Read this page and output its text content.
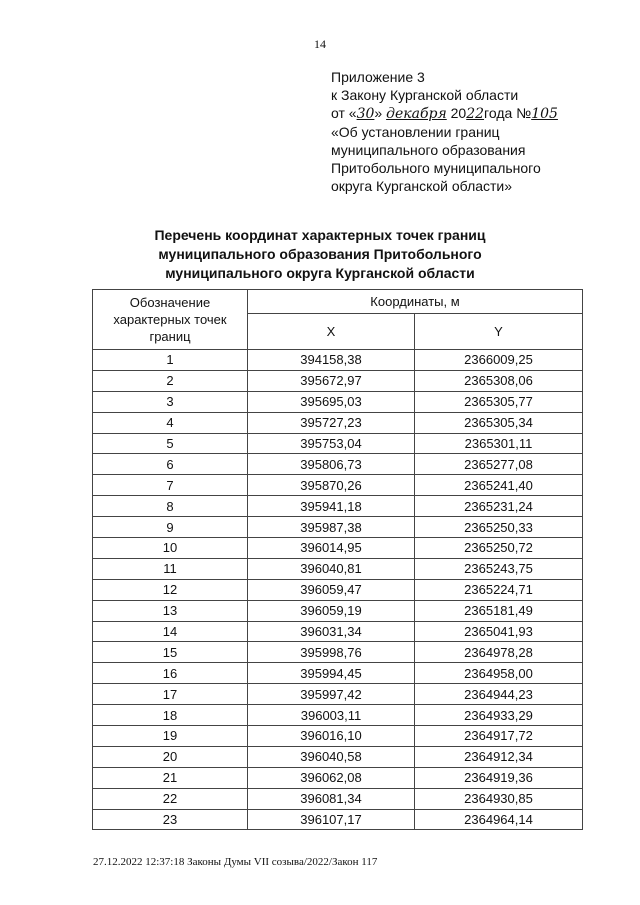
14
Приложение 3
к Закону Курганской области
от «30» декабря 2022года №105
«Об установлении границ
муниципального образования
Притобольного муниципального
округа Курганской области»
Перечень координат характерных точек границ
муниципального образования Притобольного
муниципального округа Курганской области
Обозначение характерных точек границ	Координаты, м	
	X	Y
1	394158,38	2366009,25
2	395672,97	2365308,06
3	395695,03	2365305,77
4	395727,23	2365305,34
5	395753,04	2365301,11
6	395806,73	2365277,08
7	395870,26	2365241,40
8	395941,18	2365231,24
9	395987,38	2365250,33
10	396014,95	2365250,72
11	396040,81	2365243,75
12	396059,47	2365224,71
13	396059,19	2365181,49
14	396031,34	2365041,93
15	395998,76	2364978,28
16	395994,45	2364958,00
17	395997,42	2364944,23
18	396003,11	2364933,29
19	396016,10	2364917,72
20	396040,58	2364912,34
21	396062,08	2364919,36
22	396081,34	2364930,85
23	396107,17	2364964,14
27.12.2022 12:37:18 Законы Думы VII созыва/2022/Закон 117
